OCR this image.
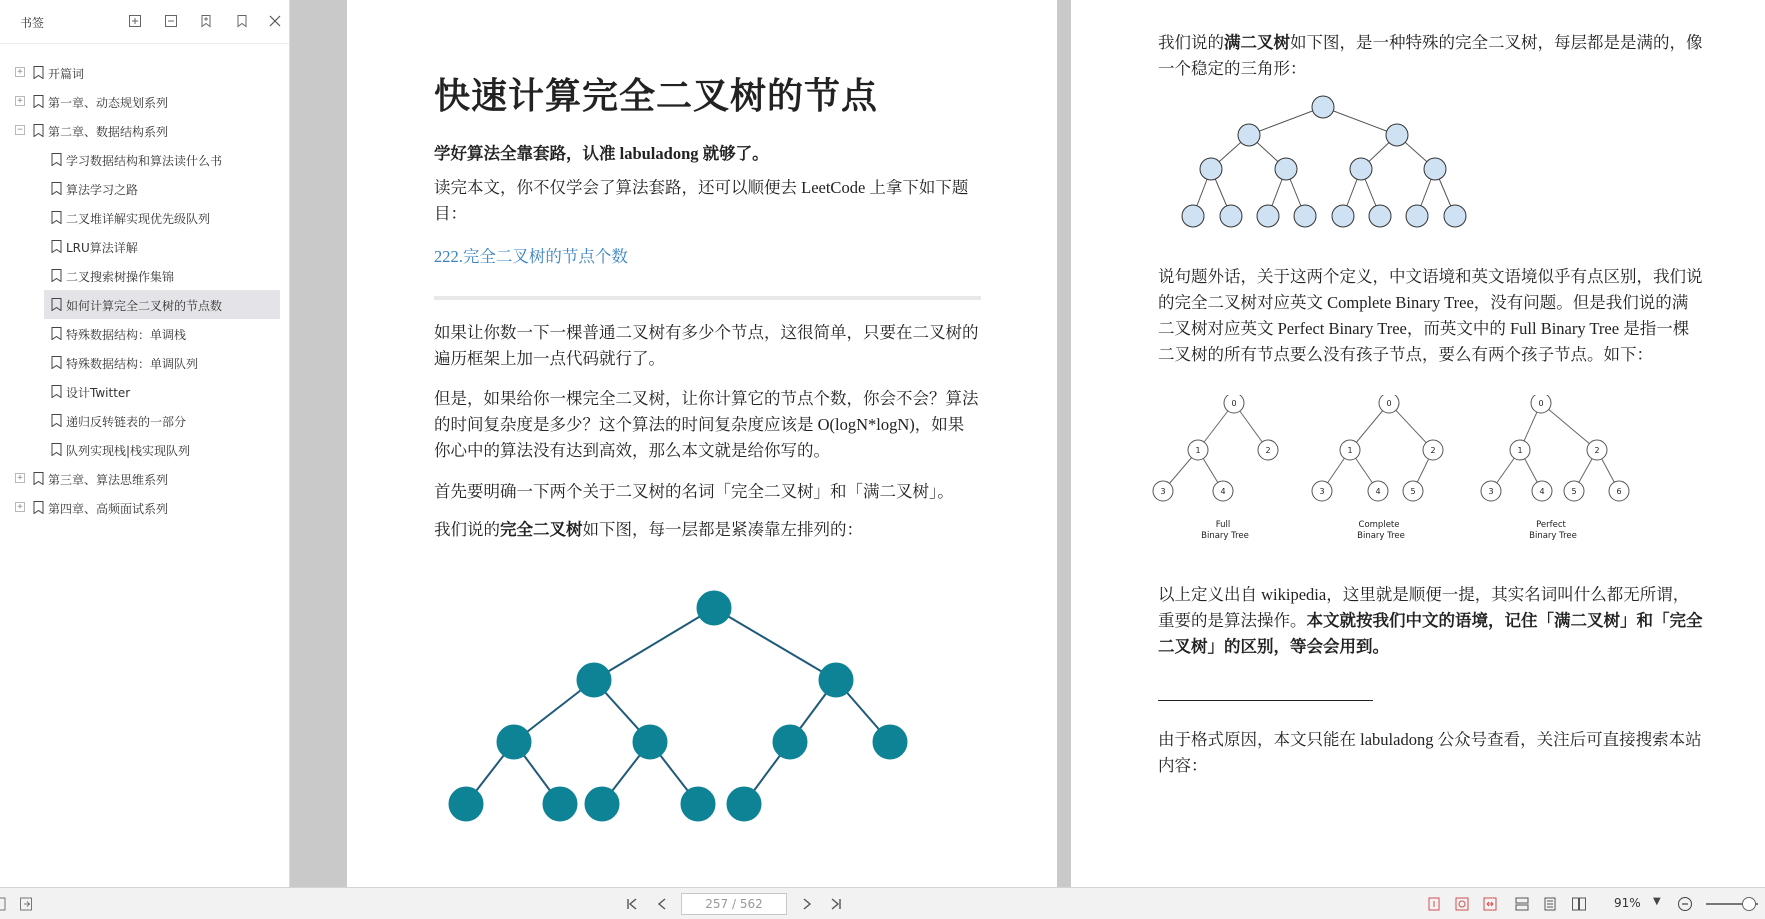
书签
+ 开篇词
+ 第一章、动态规划系列
− 第二章、数据结构系列
学习数据结构和算法读什么书
算法学习之路
二叉堆详解实现优先级队列
LRU算法详解
二叉搜索树操作集锦
如何计算完全二叉树的节点数
特殊数据结构：单调栈
特殊数据结构：单调队列
设计Twitter
递归反转链表的一部分
队列实现栈|栈实现队列
+ 第三章、算法思维系列
+ 第四章、高频面试系列
快速计算完全二叉树的节点
学好算法全靠套路，认准 labuladong 就够了。
读完本文，你不仅学会了算法套路，还可以顺便去 LeetCode 上拿下如下题
目：
222.完全二叉树的节点个数
如果让你数一下一棵普通二叉树有多少个节点，这很简单，只要在二叉树的
遍历框架上加一点代码就行了。
但是，如果给你一棵完全二叉树，让你计算它的节点个数，你会不会？算法
的时间复杂度是多少？这个算法的时间复杂度应该是 O(logN*logN)，如果
你心中的算法没有达到高效，那么本文就是给你写的。
首先要明确一下两个关于二叉树的名词「完全二叉树」和「满二叉树」。
我们说的完全二叉树如下图，每一层都是紧凑靠左排列的：
我们说的满二叉树如下图，是一种特殊的完全二叉树，每层都是是满的，像
一个稳定的三角形：
说句题外话，关于这两个定义，中文语境和英文语境似乎有点区别，我们说
的完全二叉树对应英文 Complete Binary Tree，没有问题。但是我们说的满
二叉树对应英文 Perfect Binary Tree，而英文中的 Full Binary Tree 是指一棵
二叉树的所有节点要么没有孩子节点，要么有两个孩子节点。如下：
0
1	2
3	4
Full
Binary Tree
0
1	2
3	4	5
Complete
Binary Tree
0
1	2
3	4	5	6
Perfect
Binary Tree
以上定义出自 wikipedia，这里就是顺便一提，其实名词叫什么都无所谓，
重要的是算法操作。本文就按我们中文的语境，记住「满二叉树」和「完全
二叉树」的区别，等会会用到。
由于格式原因，本文只能在 labuladong 公众号查看，关注后可直接搜索本站
内容：
257 / 562
91% ▼
